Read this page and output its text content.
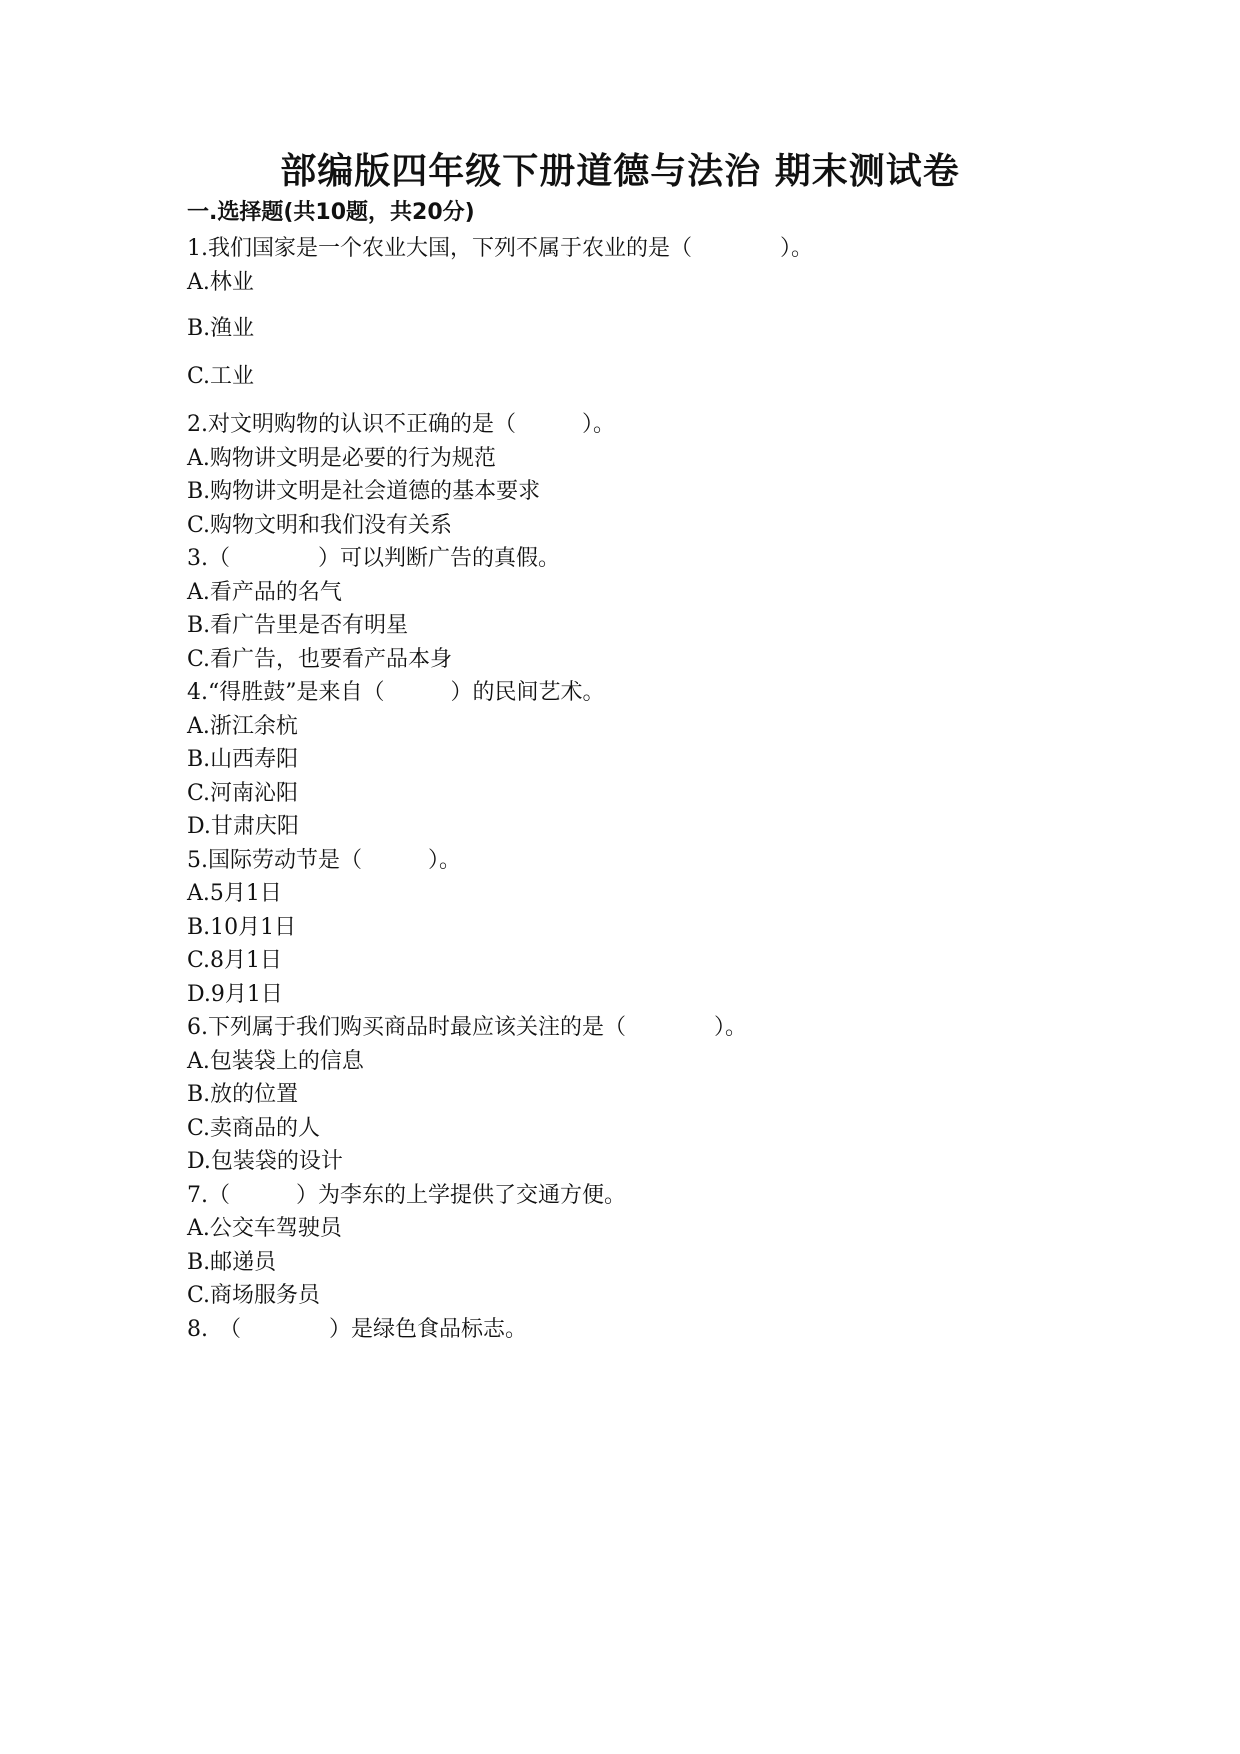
部编版四年级下册道德与法治 期末测试卷
一.选择题(共10题，共20分)
1.我们国家是一个农业大国，下列不属于农业的是（　　　　）。
A.林业
B.渔业
C.工业
2.对文明购物的认识不正确的是（　　　）。
A.购物讲文明是必要的行为规范
B.购物讲文明是社会道德的基本要求
C.购物文明和我们没有关系
3.（　　　　）可以判断广告的真假。
A.看产品的名气
B.看广告里是否有明星
C.看广告，也要看产品本身
4.“得胜鼓”是来自（　　　）的民间艺术。
A.浙江余杭
B.山西寿阳
C.河南沁阳
D.甘肃庆阳
5.国际劳动节是（　　　）。
A.5月1日
B.10月1日
C.8月1日
D.9月1日
6.下列属于我们购买商品时最应该关注的是（　　　　）。
A.包装袋上的信息
B.放的位置
C.卖商品的人
D.包装袋的设计
7.（　　　）为李东的上学提供了交通方便。
A.公交车驾驶员
B.邮递员
C.商场服务员
8.　（　　　　）是绿色食品标志。
